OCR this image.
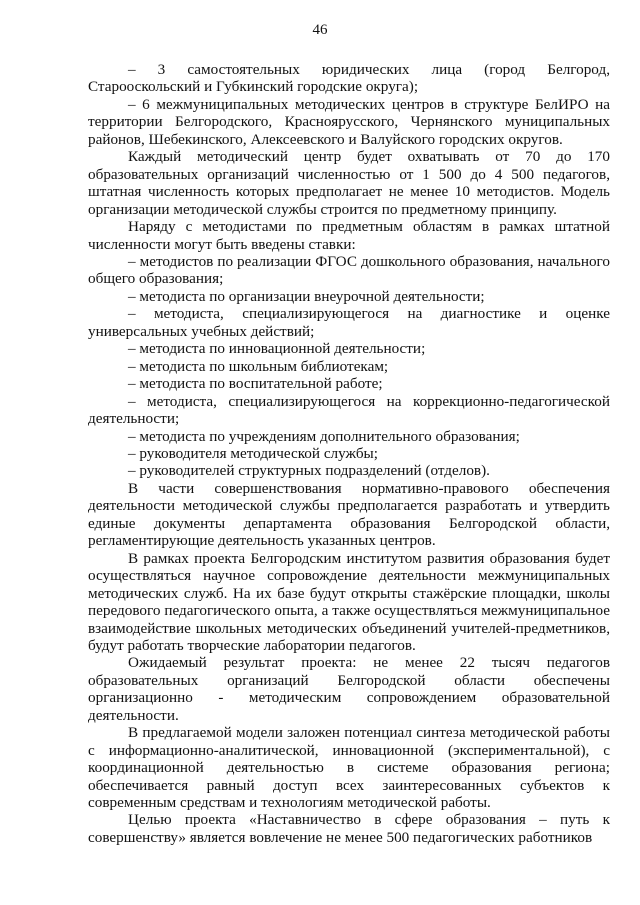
46

– 3 самостоятельных юридических лица (город Белгород, Старооскольский и Губкинский городские округа);

– 6 межмуниципальных методических центров в структуре БелИРО на территории Белгородского, Красноярусского, Чернянского муниципальных районов, Шебекинского, Алексеевского и Валуйского городских округов.

Каждый методический центр будет охватывать от 70 до 170 образовательных организаций численностью от 1 500 до 4 500 педагогов, штатная численность которых предполагает не менее 10 методистов. Модель организации методической службы строится по предметному принципу.

Наряду с методистами по предметным областям в рамках штатной численности могут быть введены ставки:

– методистов по реализации ФГОС дошкольного образования, начального общего образования;

– методиста по организации внеурочной деятельности;

– методиста, специализирующегося на диагностике и оценке универсальных учебных действий;

– методиста по инновационной деятельности;

– методиста по школьным библиотекам;

– методиста по воспитательной работе;

– методиста, специализирующегося на коррекционно-педагогической деятельности;

– методиста по учреждениям дополнительного образования;

– руководителя методической службы;

– руководителей структурных подразделений (отделов).

В части совершенствования нормативно-правового обеспечения деятельности методической службы предполагается разработать и утвердить единые документы департамента образования Белгородской области, регламентирующие деятельность указанных центров.

В рамках проекта Белгородским институтом развития образования будет осуществляться научное сопровождение деятельности межмуниципальных методических служб. На их базе будут открыты стажёрские площадки, школы передового педагогического опыта, а также осуществляться межмуниципальное взаимодействие школьных методических объединений учителей-предметников, будут работать творческие лаборатории педагогов.

Ожидаемый результат проекта: не менее 22 тысяч педагогов образовательных организаций Белгородской области обеспечены организационно - методическим сопровождением образовательной деятельности.

В предлагаемой модели заложен потенциал синтеза методической работы с информационно-аналитической, инновационной (экспериментальной), с координационной деятельностью в системе образования региона; обеспечивается равный доступ всех заинтересованных субъектов к современным средствам и технологиям методической работы.

Целью проекта «Наставничество в сфере образования – путь к совершенству» является вовлечение не менее 500 педагогических работников
